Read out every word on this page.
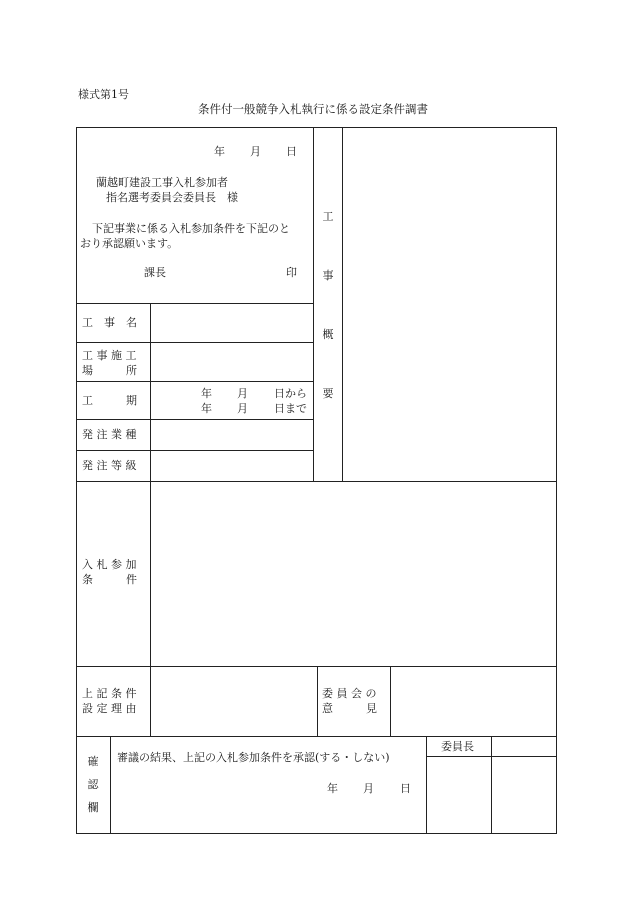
様式第1号
条件付一般競争入札執行に係る設定条件調書
年 月 日
蘭越町建設工事入札参加者
指名選考委員会委員長　様
下記事業に係る入札参加条件を下記のと
おり承認願います。
課長	印
工
事
概
要
工　事　名
工 事 施 工
場　　　所
工　　　期
年 月 日から
年 月 日まで
発 注 業 種
発 注 等 級
入 札 参 加
条　　　件
上 記 条 件
設 定 理 由
委 員 会 の
意　　　見
確
認
欄
審議の結果、上記の入札参加条件を承認(する・しない)
年 月 日
委員長
